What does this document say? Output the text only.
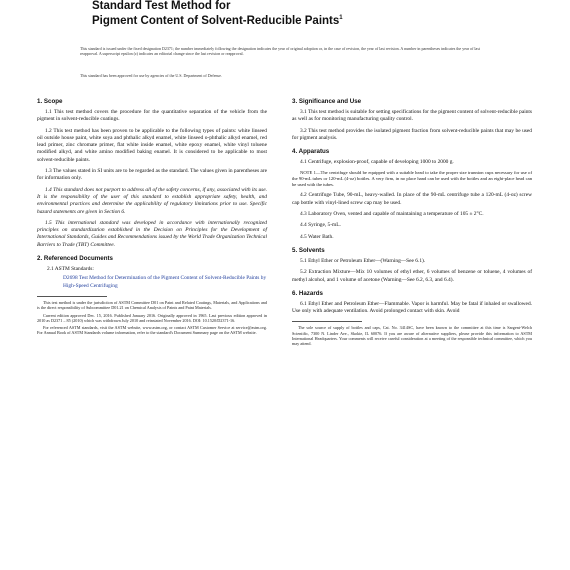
Standard Test Method for
Pigment Content of Solvent-Reducible Paints$^1$
This standard is issued under the fixed designation D2371; the number immediately following the designation indicates the year of original adoption or, in the case of revision, the year of last revision. A number in parentheses indicates the year of last reapproval. A superscript epsilon (ε) indicates an editorial change since the last revision or reapproval.
This standard has been approved for use by agencies of the U.S. Department of Defense.
1. Scope
1.1 This test method covers the procedure for the quantitative separation of the vehicle from the pigment in solvent-reducible coatings.
1.2 This test method has been proven to be applicable to the following types of paints: white linseed oil outside house paint, white soya and phthalic alkyd enamel, white linseed o-phthalic alkyd enamel, red lead primer, zinc chromate primer, flat white inside enamel, white epoxy enamel, white vinyl toluene modified alkyd, and white amino modified baking enamel. It is considered to be applicable to most solvent-reducible paints.
1.3 The values stated in SI units are to be regarded as the standard. The values given in parentheses are for information only.
1.4 This standard does not purport to address all of the safety concerns, if any, associated with its use. It is the responsibility of the user of this standard to establish appropriate safety, health, and environmental practices and determine the applicability of regulatory limitations prior to use. Specific hazard statements are given in Section 6.
1.5 This international standard was developed in accordance with internationally recognized principles on standardization established in the Decision on Principles for the Development of International Standards, Guides and Recommendations issued by the World Trade Organization Technical Barriers to Trade (TBT) Committee.
2. Referenced Documents
2.1 ASTM Standards:
D2698 Test Method for Determination of the Pigment Content of Solvent-Reducible Paints by High-Speed Centrifuging
This test method is under the jurisdiction of ASTM Committee D01 on Paint and Related Coatings, Materials, and Applications and is the direct responsibility of Subcommittee D01.21 on Chemical Analysis of Paints and Paint Materials.
Current edition approved Dec. 15, 2016. Published January 2016. Originally approved in 1965. Last previous edition approved in 2010 as D2371 – 85 (2010) which was withdrawn July 2010 and reinstated November 2016. DOI: 10.1520/D2371-16.
For referenced ASTM standards, visit the ASTM website, www.astm.org, or contact ASTM Customer Service at service@astm.org. For Annual Book of ASTM Standards volume information, refer to the standard's Document Summary page on the ASTM website.
3. Significance and Use
3.1 This test method is suitable for setting specifications for the pigment content of solvent-reducible paints as well as for monitoring manufacturing quality control.
3.2 This test method provides the isolated pigment fraction from solvent-reducible paints that may be used for pigment analysis.
4. Apparatus
4.1 Centrifuge, explosion-proof, capable of developing 1000 to 2000 g.
NOTE 1—The centrifuge should be equipped with a suitable head to take the proper size trunnion cups necessary for use of the 90-mL tubes or 120-mL (4-oz) bottles. A very firm, in no place hand can be used with the bottles and an eight-place head can be used with the tubes.
4.2 Centrifuge Tube, 90-mL, heavy-walled. In place of the 90-mL centrifuge tube a 120-mL (4-oz) screw cap bottle with vinyl-lined screw cap may be used.
4.3 Laboratory Oven, vented and capable of maintaining a temperature of 105 ± 2°C.
4.4 Syringe, 5-mL.
4.5 Water Bath.
5. Solvents
5.1 Ethyl Ether or Petroleum Ether—(Warning—See 6.1).
5.2 Extraction Mixture—Mix 10 volumes of ethyl ether, 6 volumes of benzene or toluene, 4 volumes of methyl alcohol, and 1 volume of acetone (Warning—See 6.2, 6.3, and 6.4).
6. Hazards
6.1 Ethyl Ether and Petroleum Ether—Flammable. Vapor is harmful. May be fatal if inhaled or swallowed. Use only with adequate ventilation. Avoid prolonged contact with skin. Avoid
The sole source of supply of bottles and caps, Cat. No. 3414SC, have been known to the committee at this time is Sargent-Welch Scientific, 7300 N. Linder Ave., Skokie, IL 60076. If you are aware of alternative suppliers, please provide this information to ASTM International Headquarters. Your comments will receive careful consideration at a meeting of the responsible technical committee, which you may attend.
